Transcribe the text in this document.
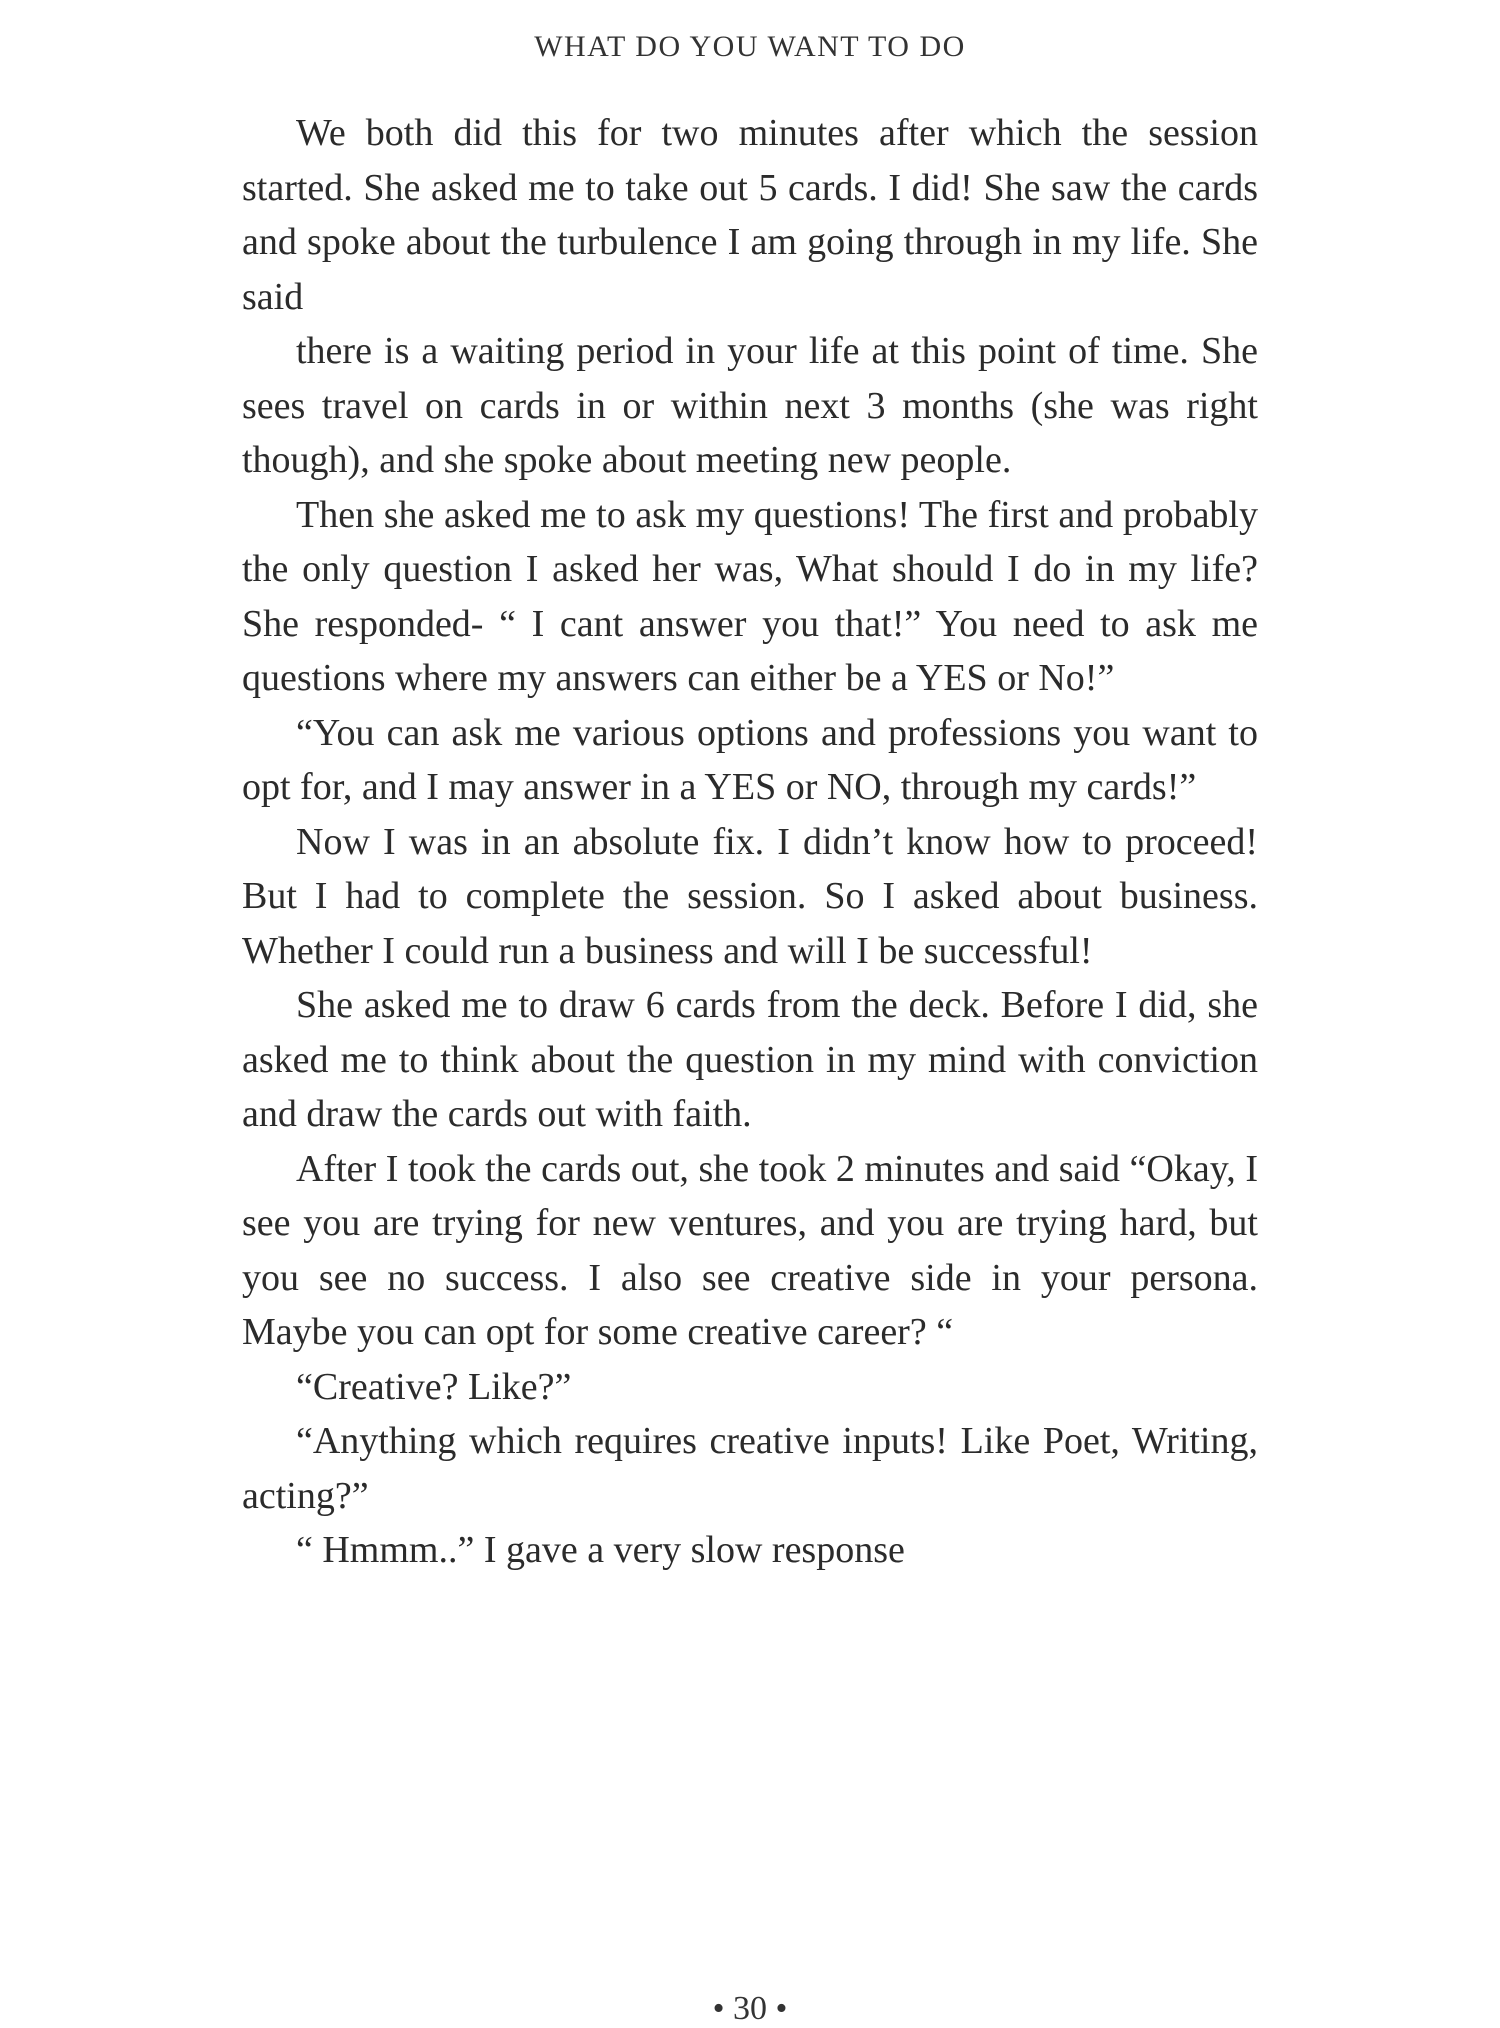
WHAT DO YOU WANT TO DO

We both did this for two minutes after which the session started. She asked me to take out 5 cards. I did! She saw the cards and spoke about the turbulence I am going through in my life. She said

there is a waiting period in your life at this point of time. She sees travel on cards in or within next 3 months (she was right though), and she spoke about meeting new people.

Then she asked me to ask my questions! The first and probably the only question I asked her was, What should I do in my life? She responded- “ I cant answer you that!” You need to ask me questions where my answers can either be a YES or No!”

“You can ask me various options and professions you want to opt for, and I may answer in a YES or NO, through my cards!”

Now I was in an absolute fix. I didn’t know how to proceed! But I had to complete the session. So I asked about business. Whether I could run a business and will I be successful!

She asked me to draw 6 cards from the deck. Before I did, she asked me to think about the question in my mind with conviction and draw the cards out with faith.

After I took the cards out, she took 2 minutes and said “Okay, I see you are trying for new ventures, and you are trying hard, but you see no success. I also see creative side in your persona. Maybe you can opt for some creative career? “

“Creative? Like?”

“Anything which requires creative inputs! Like Poet, Writing, acting?”

“ Hmmm..” I gave a very slow response

• 30 •
